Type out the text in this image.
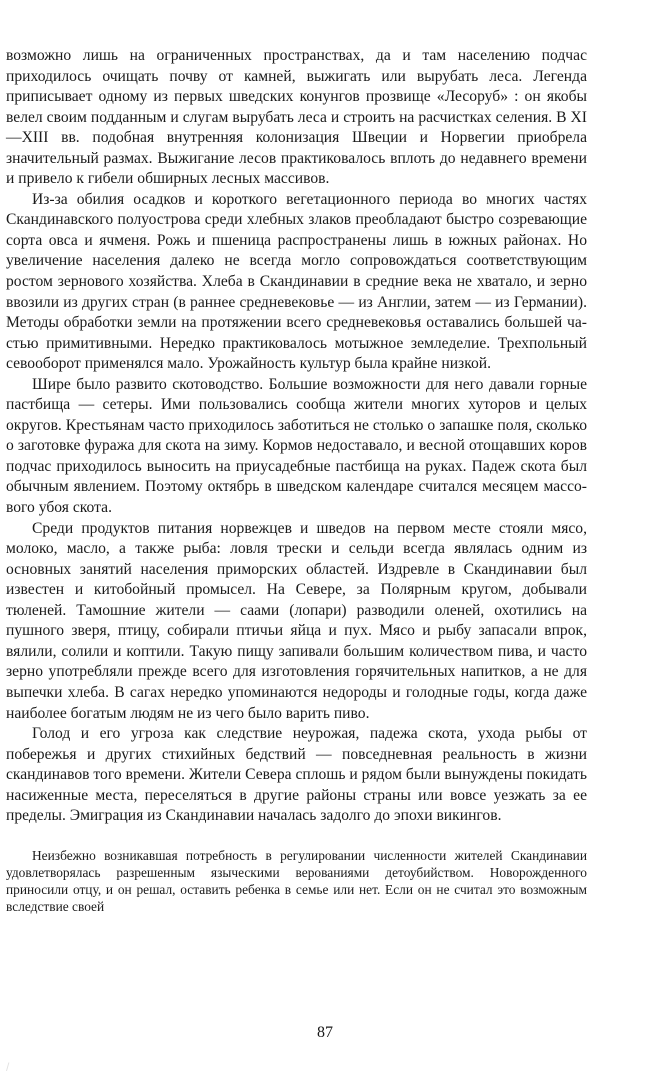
возможно лишь на ограниченных пространствах, да и там населению подчас приходилось очищать почву от камней, выжигать или вырубать леса. Легенда приписывает одному из первых шведских конунгов прозвище «Лесоруб» : он якобы велел своим подданным и слугам вырубать леса и строить на расчистках селения. В XI—XIII вв. подобная внутренняя колонизация Швеции и Норвегии приобрела значительный размах. Выжигание лесов практиковалось вплоть до недавнего времени и привело к гибели обширных лесных массивов.

Из-за обилия осадков и короткого вегетационного периода во многих частях Скандинавского полуострова среди хлебных злаков преобладают быстро созревающие сорта овса и ячменя. Рожь и пшеница распространены лишь в южных районах. Но увеличение населения далеко не всегда могло сопровождаться соответствующим ростом зернового хозяйства. Хлеба в Скандинавии в средние века не хватало, и зерно ввозили из других стран (в раннее средневековье — из Англии, затем — из Германии). Методы обработки земли на протяжении всего средневековья оставались большей частью примитивными. Нередко практиковалось мотыжное земледелие. Трехпольный севооборот применялся мало. Урожайность культур была крайне низкой.

Шире было развито скотоводство. Большие возможности для него давали горные пастбища — сетеры. Ими пользовались сообща жители многих хуторов и целых округов. Крестьянам часто приходилось заботиться не столько о запашке поля, сколько о заготовке фуража для скота на зиму. Кормов недоставало, и весной отощавших коров подчас приходилось выносить на приусадебные пастбища на руках. Падеж скота был обычным явлением. Поэтому октябрь в шведском календаре считался месяцем массового убоя скота.

Среди продуктов питания норвежцев и шведов на первом месте стояли мясо, молоко, масло, а также рыба: ловля трески и сельди всегда являлась одним из основных занятий населения приморских областей. Издревле в Скандинавии был известен и китобойный промысел. На Севере, за Полярным кругом, добывали тюленей. Тамошние жители — саами (лопари) разводили оленей, охотились на пушного зверя, птицу, собирали птичьи яйца и пух. Мясо и рыбу запасали впрок, вялили, солили и коптили. Такую пищу запивали большим количеством пива, и часто зерно употребляли прежде всего для изготовления горячительных напитков, а не для выпечки хлеба. В сагах нередко упоминаются недороды и голодные годы, когда даже наиболее богатым людям не из чего было варить пиво.

Голод и его угроза как следствие неурожая, падежа скота, ухода рыбы от побережья и других стихийных бедствий — повседневная реальность в жизни скандинавов того времени. Жители Севера сплошь и рядом были вынуждены покидать насиженные места, переселяться в другие районы страны или вовсе уезжать за ее пределы. Эмиграция из Скандинавии началась задолго до эпохи викингов.

Неизбежно возникавшая потребность в регулировании численности жителей Скандинавии удовлетворялась разрешенным языческими верованиями детоубийством. Новорожденного приносили отцу, и он решал, оставить ребенка в семье или нет. Если он не считал это возможным вследствие своей

87
/
